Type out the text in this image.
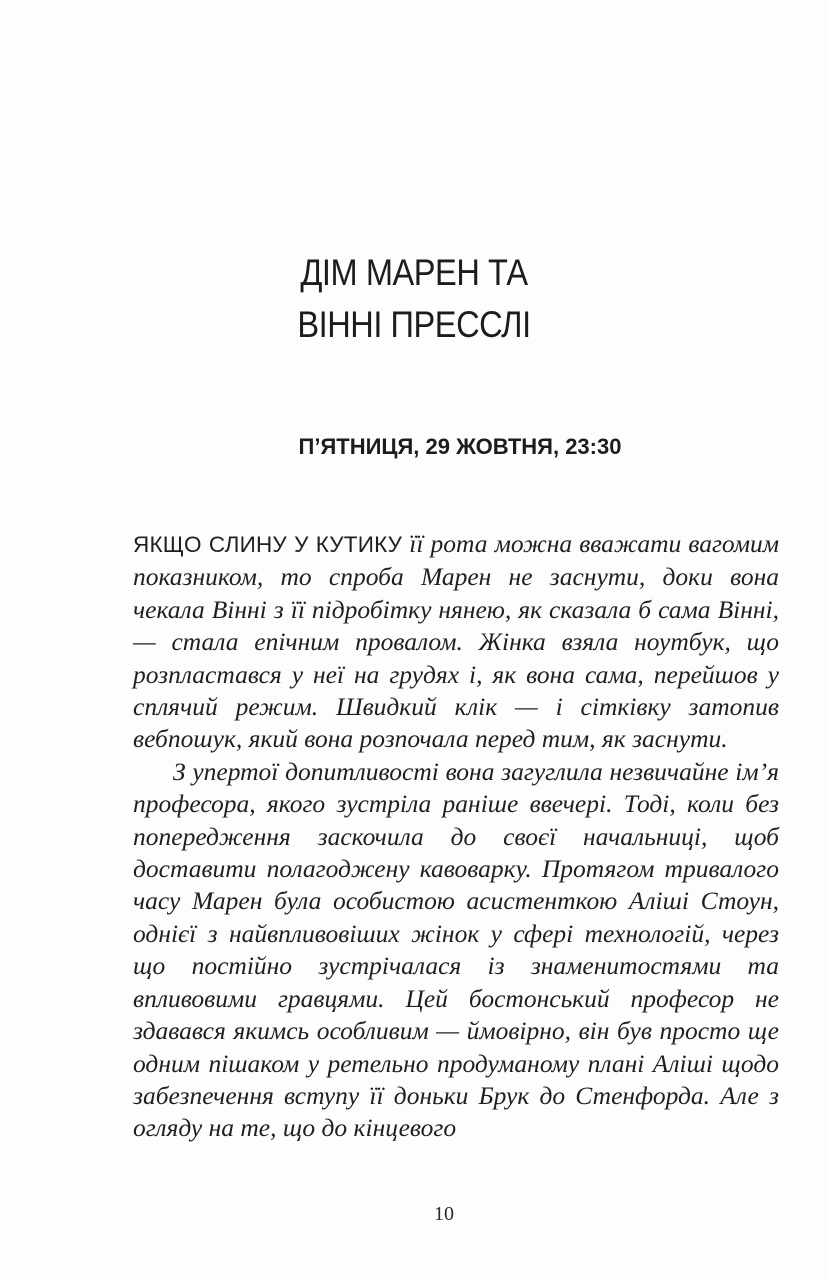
ДІМ МАРЕН ТА
ВІННІ ПРЕССЛІ
П’ЯТНИЦЯ, 29 ЖОВТНЯ, 23:30

ЯКЩО СЛИНУ У КУТИКУ її рота можна вважати вагомим показником, то спроба Марен не заснути, доки вона чекала Вінні з її підробітку нянею, як сказала б сама Вінні, — стала епічним провалом. Жінка взяла ноутбук, що розпластався у неї на грудях і, як вона сама, перейшов у сплячий режим. Швидкий клік — і сітківку затопив вебпошук, який вона розпочала перед тим, як заснути.

З упертої допитливості вона загуглила незвичайне ім’я професора, якого зустріла раніше ввечері. Тоді, коли без попередження заскочила до своєї начальниці, щоб доставити полагоджену кавоварку. Протягом тривалого часу Марен була особистою асистенткою Аліші Стоун, однієї з найвпливовіших жінок у сфері технологій, через що постійно зустрічалася із знаменитостями та впливовими гравцями. Цей бостонський професор не здавався якимсь особливим — ймовірно, він був просто ще одним пішаком у ретельно продуманому плані Аліші щодо забезпечення вступу її доньки Брук до Стенфорда. Але з огляду на те, що до кінцевого

10
